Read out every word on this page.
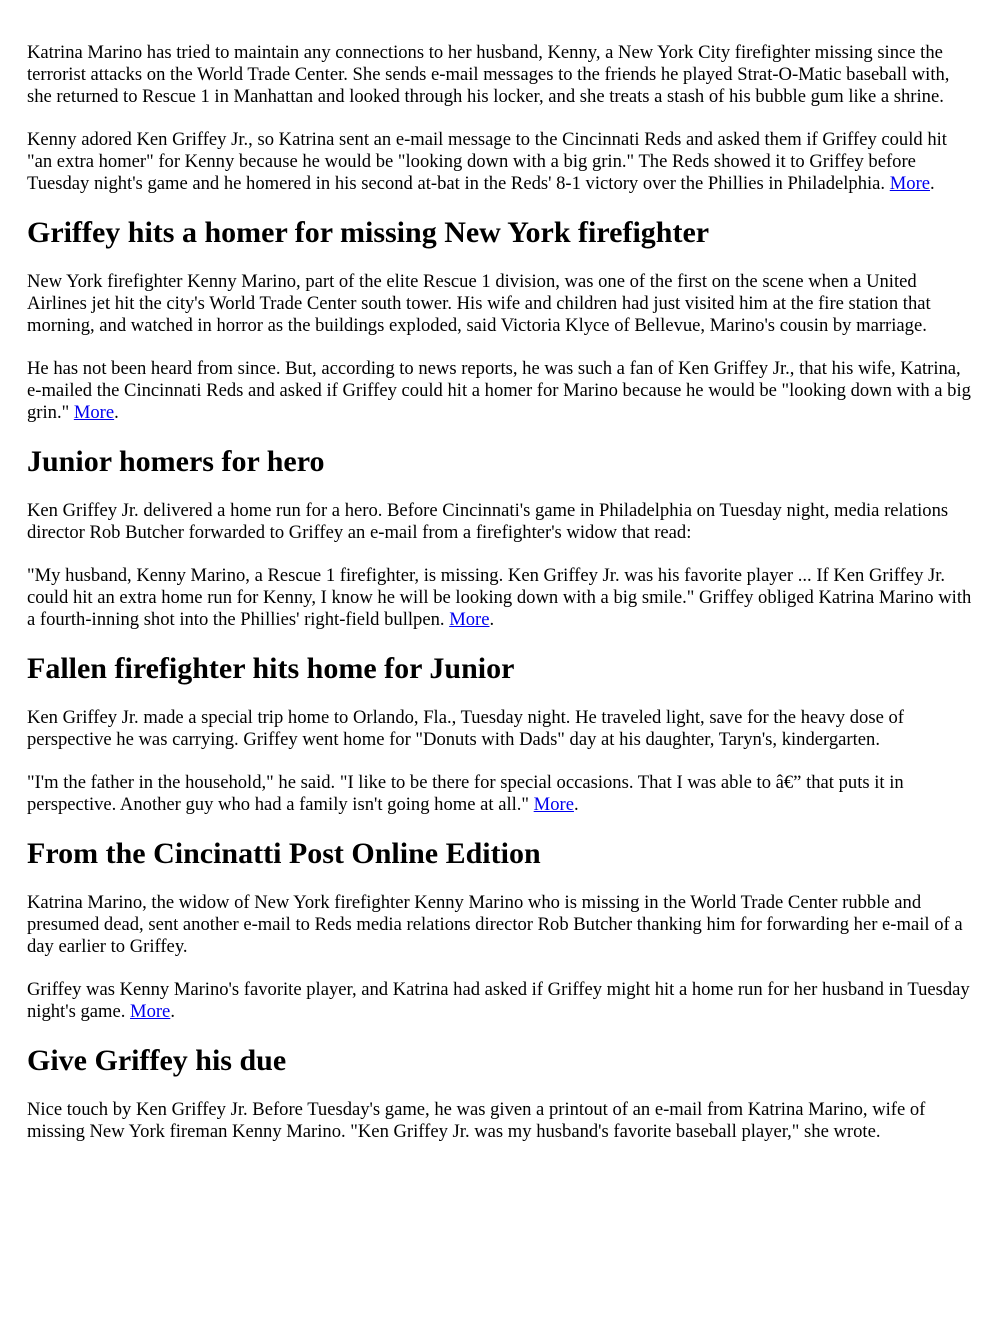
Katrina Marino has tried to maintain any connections to her husband, Kenny, a New York City firefighter missing since the terrorist attacks on the World Trade Center. She sends e-mail messages to the friends he played Strat-O-Matic baseball with, she returned to Rescue 1 in Manhattan and looked through his locker, and she treats a stash of his bubble gum like a shrine.

Kenny adored Ken Griffey Jr., so Katrina sent an e-mail message to the Cincinnati Reds and asked them if Griffey could hit "an extra homer" for Kenny because he would be "looking down with a big grin." The Reds showed it to Griffey before Tuesday night's game and he homered in his second at-bat in the Reds' 8-1 victory over the Phillies in Philadelphia. More.

Griffey hits a homer for missing New York firefighter

New York firefighter Kenny Marino, part of the elite Rescue 1 division, was one of the first on the scene when a United Airlines jet hit the city's World Trade Center south tower. His wife and children had just visited him at the fire station that morning, and watched in horror as the buildings exploded, said Victoria Klyce of Bellevue, Marino's cousin by marriage.

He has not been heard from since. But, according to news reports, he was such a fan of Ken Griffey Jr., that his wife, Katrina, e-mailed the Cincinnati Reds and asked if Griffey could hit a homer for Marino because he would be "looking down with a big grin." More.

Junior homers for hero

Ken Griffey Jr. delivered a home run for a hero. Before Cincinnati's game in Philadelphia on Tuesday night, media relations director Rob Butcher forwarded to Griffey an e-mail from a firefighter's widow that read:

"My husband, Kenny Marino, a Rescue 1 firefighter, is missing. Ken Griffey Jr. was his favorite player ... If Ken Griffey Jr. could hit an extra home run for Kenny, I know he will be looking down with a big smile." Griffey obliged Katrina Marino with a fourth-inning shot into the Phillies' right-field bullpen. More.

Fallen firefighter hits home for Junior

Ken Griffey Jr. made a special trip home to Orlando, Fla., Tuesday night. He traveled light, save for the heavy dose of perspective he was carrying. Griffey went home for "Donuts with Dads" day at his daughter, Taryn's, kindergarten.

"I'm the father in the household," he said. "I like to be there for special occasions. That I was able to â€” that puts it in perspective. Another guy who had a family isn't going home at all." More.

From the Cincinatti Post Online Edition

Katrina Marino, the widow of New York firefighter Kenny Marino who is missing in the World Trade Center rubble and presumed dead, sent another e-mail to Reds media relations director Rob Butcher thanking him for forwarding her e-mail of a day earlier to Griffey.

Griffey was Kenny Marino's favorite player, and Katrina had asked if Griffey might hit a home run for her husband in Tuesday night's game. More.

Give Griffey his due

Nice touch by Ken Griffey Jr. Before Tuesday's game, he was given a printout of an e-mail from Katrina Marino, wife of missing New York fireman Kenny Marino. "Ken Griffey Jr. was my husband's favorite baseball player," she wrote.
